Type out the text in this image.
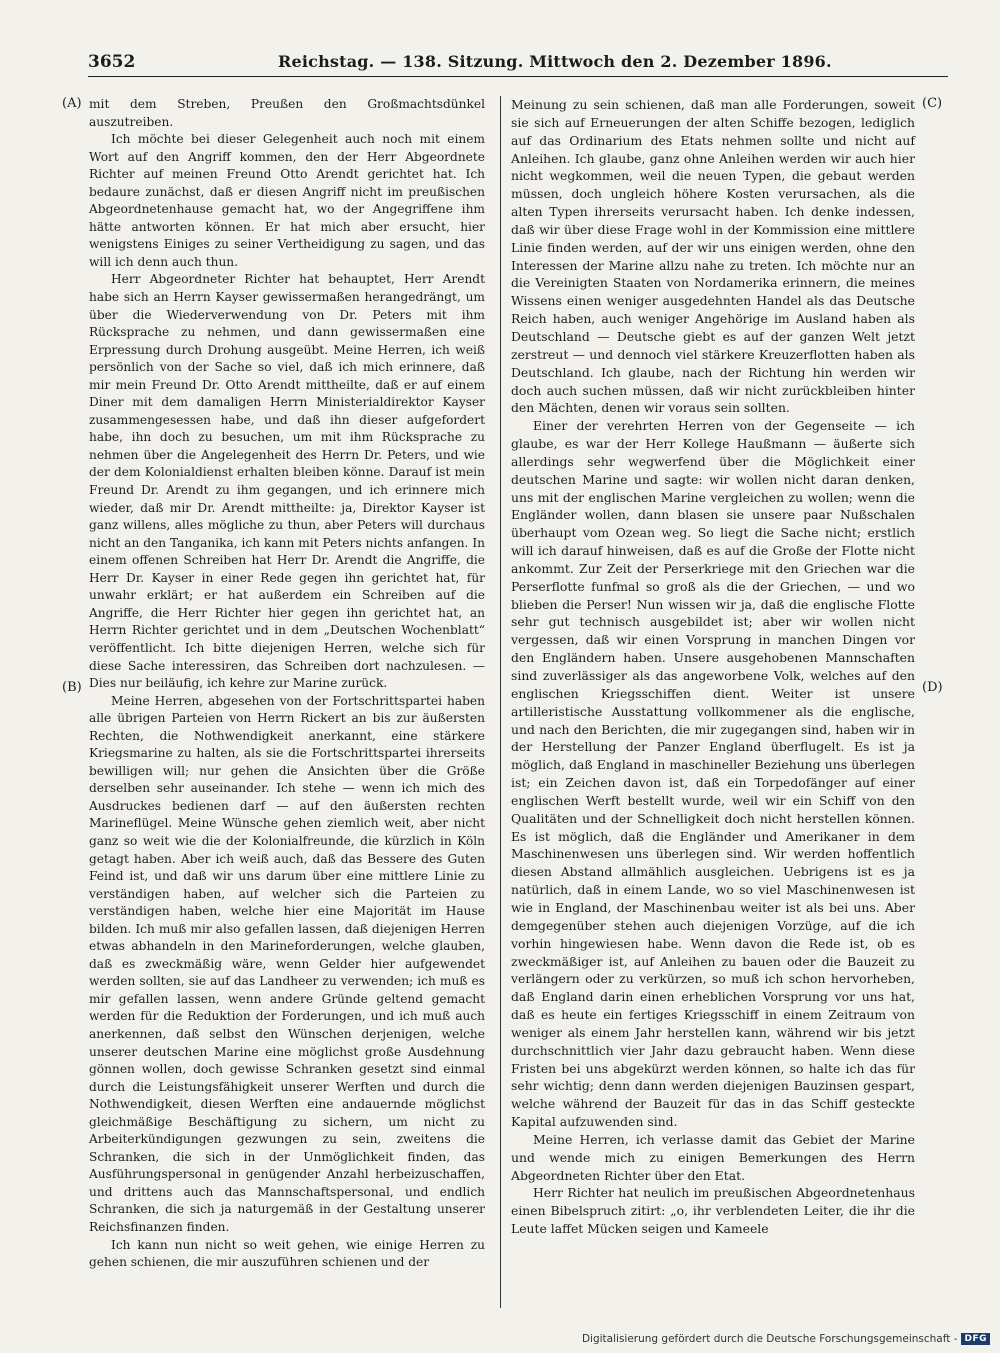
3652	Reichstag. — 138. Sitzung. Mittwoch den 2. Dezember 1896.
(A)
(B)
(C)
(D)

mit dem Streben, Preußen den Großmachtsdünkel auszutreiben.

Ich möchte bei dieser Gelegenheit auch noch mit einem Wort auf den Angriff kommen, den der Herr Abgeordnete Richter auf meinen Freund Otto Arendt gerichtet hat. Ich bedaure zunächst, daß er diesen Angriff nicht im preußischen Abgeordnetenhause gemacht hat, wo der Angegriffene ihm hätte antworten können. Er hat mich aber ersucht, hier wenigstens Einiges zu seiner Vertheidigung zu sagen, und das will ich denn auch thun.

Herr Abgeordneter Richter hat behauptet, Herr Arendt habe sich an Herrn Kayser gewissermaßen herangedrängt, um über die Wiederverwendung von Dr. Peters mit ihm Rücksprache zu nehmen, und dann gewissermaßen eine Erpressung durch Drohung ausgeübt. Meine Herren, ich weiß persönlich von der Sache so viel, daß ich mich erinnere, daß mir mein Freund Dr. Otto Arendt mittheilte, daß er auf einem Diner mit dem damaligen Herrn Ministerialdirektor Kayser zusammengesessen habe, und daß ihn dieser aufgefordert habe, ihn doch zu besuchen, um mit ihm Rücksprache zu nehmen über die Angelegenheit des Herrn Dr. Peters, und wie der dem Kolonialdienst erhalten bleiben könne. Darauf ist mein Freund Dr. Arendt zu ihm gegangen, und ich erinnere mich wieder, daß mir Dr. Arendt mittheilte: ja, Direktor Kayser ist ganz willens, alles mögliche zu thun, aber Peters will durchaus nicht an den Tanganika, ich kann mit Peters nichts anfangen. In einem offenen Schreiben hat Herr Dr. Arendt die Angriffe, die Herr Dr. Kayser in einer Rede gegen ihn gerichtet hat, für unwahr erklärt; er hat außerdem ein Schreiben auf die Angriffe, die Herr Richter hier gegen ihn gerichtet hat, an Herrn Richter gerichtet und in dem „Deutschen Wochenblatt“ veröffentlicht. Ich bitte diejenigen Herren, welche sich für diese Sache interessiren, das Schreiben dort nachzulesen. — Dies nur beiläufig, ich kehre zur Marine zurück.

Meine Herren, abgesehen von der Fortschrittspartei haben alle übrigen Parteien von Herrn Rickert an bis zur äußersten Rechten, die Nothwendigkeit anerkannt, eine stärkere Kriegsmarine zu halten, als sie die Fortschrittspartei ihrerseits bewilligen will; nur gehen die Ansichten über die Größe derselben sehr auseinander. Ich stehe — wenn ich mich des Ausdruckes bedienen darf — auf den äußersten rechten Marineflügel. Meine Wünsche gehen ziemlich weit, aber nicht ganz so weit wie die der Kolonialfreunde, die kürzlich in Köln getagt haben. Aber ich weiß auch, daß das Bessere des Guten Feind ist, und daß wir uns darum über eine mittlere Linie zu verständigen haben, auf welcher sich die Parteien zu verständigen haben, welche hier eine Majorität im Hause bilden. Ich muß mir also gefallen lassen, daß diejenigen Herren etwas abhandeln in den Marineforderungen, welche glauben, daß es zweckmäßig wäre, wenn Gelder hier aufgewendet werden sollten, sie auf das Landheer zu verwenden; ich muß es mir gefallen lassen, wenn andere Gründe geltend gemacht werden für die Reduktion der Forderungen, und ich muß auch anerkennen, daß selbst den Wünschen derjenigen, welche unserer deutschen Marine eine möglichst große Ausdehnung gönnen wollen, doch gewisse Schranken gesetzt sind einmal durch die Leistungsfähigkeit unserer Werften und durch die Nothwendigkeit, diesen Werften eine andauernde möglichst gleichmäßige Beschäftigung zu sichern, um nicht zu Arbeiterkündigungen gezwungen zu sein, zweitens die Schranken, die sich in der Unmöglichkeit finden, das Ausführungspersonal in genügender Anzahl herbeizuschaffen, und drittens auch das Mannschaftspersonal, und endlich Schranken, die sich ja naturgemäß in der Gestaltung unserer Reichsfinanzen finden.

Ich kann nun nicht so weit gehen, wie einige Herren zu gehen schienen, die mir auszuführen schienen und der

Meinung zu sein schienen, daß man alle Forderungen, soweit sie sich auf Erneuerungen der alten Schiffe bezogen, lediglich auf das Ordinarium des Etats nehmen sollte und nicht auf Anleihen. Ich glaube, ganz ohne Anleihen werden wir auch hier nicht wegkommen, weil die neuen Typen, die gebaut werden müssen, doch ungleich höhere Kosten verursachen, als die alten Typen ihrerseits verursacht haben. Ich denke indessen, daß wir über diese Frage wohl in der Kommission eine mittlere Linie finden werden, auf der wir uns einigen werden, ohne den Interessen der Marine allzu nahe zu treten. Ich möchte nur an die Vereinigten Staaten von Nordamerika erinnern, die meines Wissens einen weniger ausgedehnten Handel als das Deutsche Reich haben, auch weniger Angehörige im Ausland haben als Deutschland — Deutsche giebt es auf der ganzen Welt jetzt zerstreut — und dennoch viel stärkere Kreuzerflotten haben als Deutschland. Ich glaube, nach der Richtung hin werden wir doch auch suchen müssen, daß wir nicht zurückbleiben hinter den Mächten, denen wir voraus sein sollten.

Einer der verehrten Herren von der Gegenseite — ich glaube, es war der Herr Kollege Haußmann — äußerte sich allerdings sehr wegwerfend über die Möglichkeit einer deutschen Marine und sagte: wir wollen nicht daran denken, uns mit der englischen Marine vergleichen zu wollen; wenn die Engländer wollen, dann blasen sie unsere paar Nußschalen überhaupt vom Ozean weg. So liegt die Sache nicht; erstlich will ich darauf hinweisen, daß es auf die Große der Flotte nicht ankommt. Zur Zeit der Perserkriege mit den Griechen war die Perserflotte funfmal so groß als die der Griechen, — und wo blieben die Perser! Nun wissen wir ja, daß die englische Flotte sehr gut technisch ausgebildet ist; aber wir wollen nicht vergessen, daß wir einen Vorsprung in manchen Dingen vor den Engländern haben. Unsere ausgehobenen Mannschaften sind zuverlässiger als das angeworbene Volk, welches auf den englischen Kriegsschiffen dient. Weiter ist unsere artilleristische Ausstattung vollkommener als die englische, und nach den Berichten, die mir zugegangen sind, haben wir in der Herstellung der Panzer England überflugelt. Es ist ja möglich, daß England in maschineller Beziehung uns überlegen ist; ein Zeichen davon ist, daß ein Torpedofänger auf einer englischen Werft bestellt wurde, weil wir ein Schiff von den Qualitäten und der Schnelligkeit doch nicht herstellen können. Es ist möglich, daß die Engländer und Amerikaner in dem Maschinenwesen uns überlegen sind. Wir werden hoffentlich diesen Abstand allmählich ausgleichen. Uebrigens ist es ja natürlich, daß in einem Lande, wo so viel Maschinenwesen ist wie in England, der Maschinenbau weiter ist als bei uns. Aber demgegenüber stehen auch diejenigen Vorzüge, auf die ich vorhin hingewiesen habe. Wenn davon die Rede ist, ob es zweckmäßiger ist, auf Anleihen zu bauen oder die Bauzeit zu verlängern oder zu verkürzen, so muß ich schon hervorheben, daß England darin einen erheblichen Vorsprung vor uns hat, daß es heute ein fertiges Kriegsschiff in einem Zeitraum von weniger als einem Jahr herstellen kann, während wir bis jetzt durchschnittlich vier Jahr dazu gebraucht haben. Wenn diese Fristen bei uns abgekürzt werden können, so halte ich das für sehr wichtig; denn dann werden diejenigen Bauzinsen gespart, welche während der Bauzeit für das in das Schiff gesteckte Kapital aufzuwenden sind.

Meine Herren, ich verlasse damit das Gebiet der Marine und wende mich zu einigen Bemerkungen des Herrn Abgeordneten Richter über den Etat.

Herr Richter hat neulich im preußischen Abgeordnetenhaus einen Bibelspruch zitirt: „o, ihr verblendeten Leiter, die ihr die Leute laffet Mücken seigen und Kameele

Digitalisierung gefördert durch die Deutsche Forschungsgemeinschaft - DFG
